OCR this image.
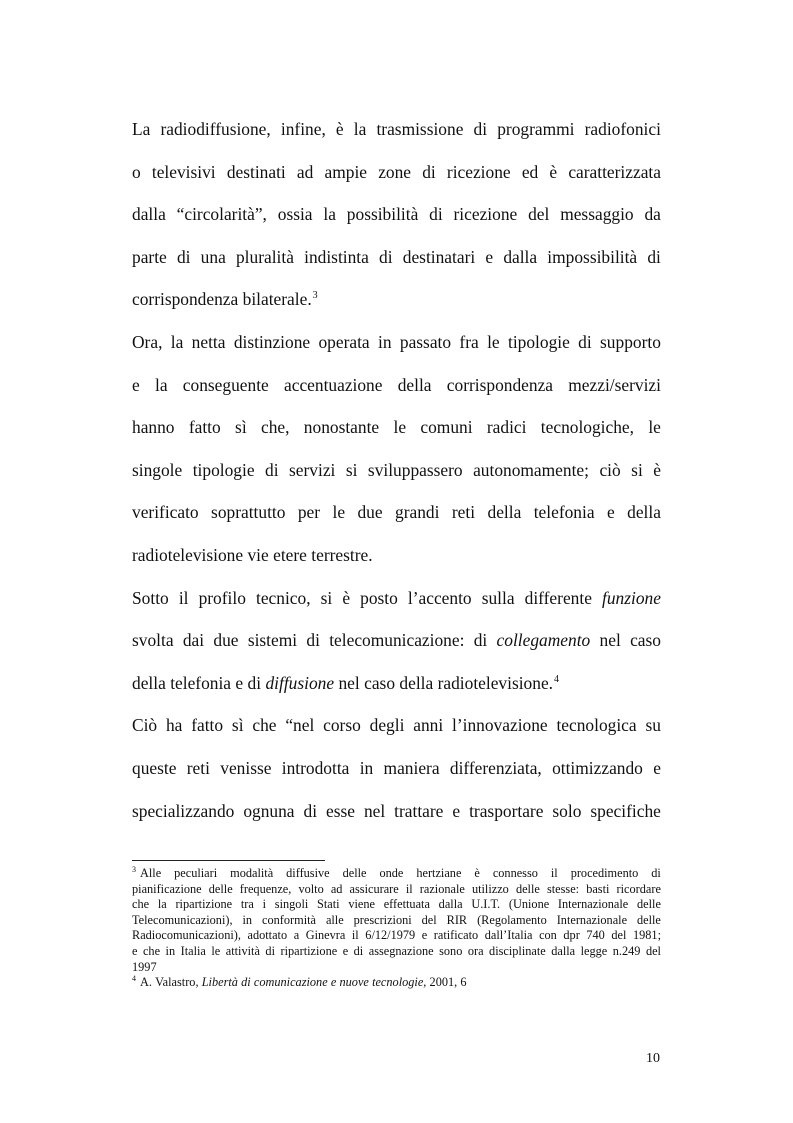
La radiodiffusione, infine, è la trasmissione di programmi radiofonici
o televisivi destinati ad ampie zone di ricezione ed è caratterizzata
dalla “circolarità”, ossia la possibilità di ricezione del messaggio da
parte di una pluralità indistinta di destinatari e dalla impossibilità di
corrispondenza bilaterale.$^3$
Ora, la netta distinzione operata in passato fra le tipologie di supporto
e la conseguente accentuazione della corrispondenza mezzi/servizi
hanno fatto sì che, nonostante le comuni radici tecnologiche, le
singole tipologie di servizi si sviluppassero autonomamente; ciò si è
verificato soprattutto per le due grandi reti della telefonia e della
radiotelevisione vie etere terrestre.
Sotto il profilo tecnico, si è posto l’accento sulla differente funzione
svolta dai due sistemi di telecomunicazione: di collegamento nel caso
della telefonia e di diffusione nel caso della radiotelevisione.$^4$
Ciò ha fatto sì che “nel corso degli anni l’innovazione tecnologica su
queste reti venisse introdotta in maniera differenziata, ottimizzando e
specializzando ognuna di esse nel trattare e trasportare solo specifiche
$^3$ Alle peculiari modalità diffusive delle onde hertziane è connesso il procedimento di
pianificazione delle frequenze, volto ad assicurare il razionale utilizzo delle stesse: basti ricordare
che la ripartizione tra i singoli Stati viene effettuata dalla U.I.T. (Unione Internazionale delle
Telecomunicazioni), in conformità alle prescrizioni del RIR (Regolamento Internazionale delle
Radiocomunicazioni), adottato a Ginevra il 6/12/1979 e ratificato dall’Italia con dpr 740 del 1981;
e che in Italia le attività di ripartizione e di assegnazione sono ora disciplinate dalla legge n.249 del
1997
$^4$ A. Valastro, Libertà di comunicazione e nuove tecnologie, 2001, 6
10
